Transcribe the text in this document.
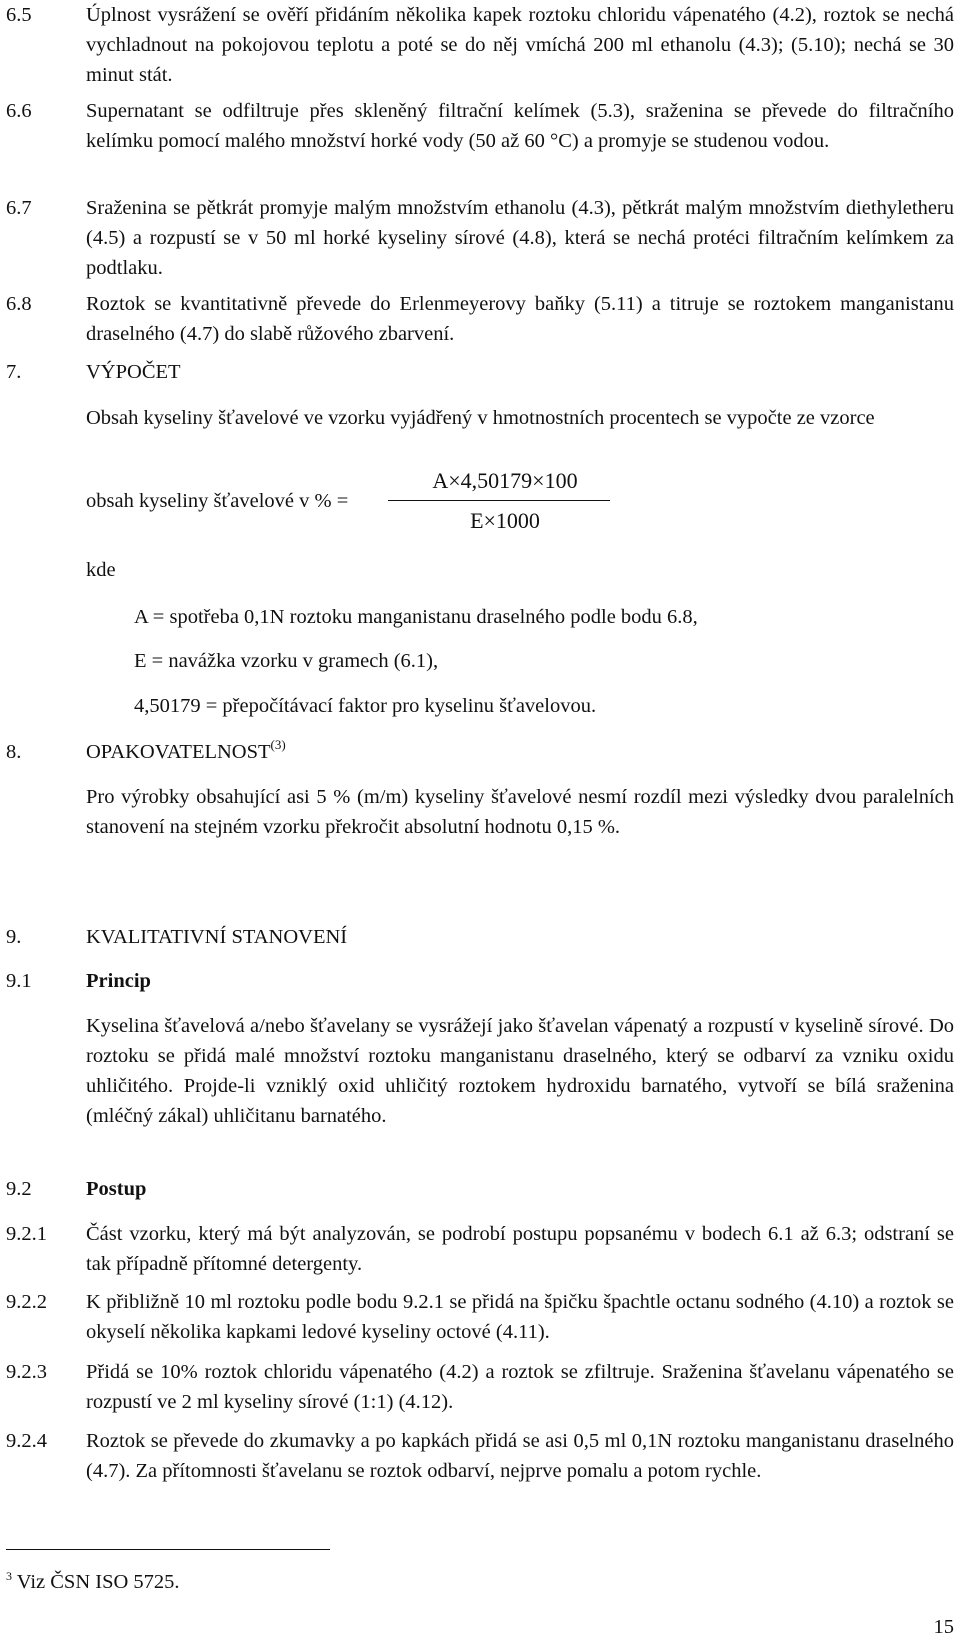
6.5	Úplnost vysrážení se ověří přidáním několika kapek roztoku chloridu vápenatého (4.2), roztok se nechá vychladnout na pokojovou teplotu a poté se do něj vmíchá 200 ml ethanolu (4.3); (5.10); nechá se 30 minut stát.
6.6	Supernatant se odfiltruje přes skleněný filtrační kelímek (5.3), sraženina se převede do filtračního kelímku pomocí malého množství horké vody (50 až 60 °C) a promyje se studenou vodou.
6.7	Sraženina se pětkrát promyje malým množstvím ethanolu (4.3), pětkrát malým množstvím diethyletheru (4.5) a rozpustí se v 50 ml horké kyseliny sírové (4.8), která se nechá protéci filtračním kelímkem za podtlaku.
6.8	Roztok se kvantitativně převede do Erlenmeyerovy baňky (5.11) a titruje se roztokem manganistanu draselného (4.7) do slabě růžového zbarvení.
7.	VÝPOČET
Obsah kyseliny šťavelové ve vzorku vyjádřený v hmotnostních procentech se vypočte ze vzorce
obsah kyseliny šťavelové v % =
A×4,50179×100
E×1000
kde
A = spotřeba 0,1N roztoku manganistanu draselného podle bodu 6.8,
E = navážka vzorku v gramech (6.1),
4,50179 = přepočítávací faktor pro kyselinu šťavelovou.
8.	OPAKOVATELNOST$^{(3)}$
Pro výrobky obsahující asi 5 % (m/m) kyseliny šťavelové nesmí rozdíl mezi výsledky dvou paralelních stanovení na stejném vzorku překročit absolutní hodnotu 0,15 %.
9.	KVALITATIVNÍ STANOVENÍ
9.1	Princip
Kyselina šťavelová a/nebo šťavelany se vysrážejí jako šťavelan vápenatý a rozpustí v kyselině sírové. Do roztoku se přidá malé množství roztoku manganistanu draselného, který se odbarví za vzniku oxidu uhličitého. Projde-li vzniklý oxid uhličitý roztokem hydroxidu barnatého, vytvoří se bílá sraženina (mléčný zákal) uhličitanu barnatého.
9.2	Postup
9.2.1 Část vzorku, který má být analyzován, se podrobí postupu popsanému v bodech 6.1 až 6.3; odstraní se tak případně přítomné detergenty.
9.2.2 K přibližně 10 ml roztoku podle bodu 9.2.1 se přidá na špičku špachtle octanu sodného (4.10) a roztok se okyselí několika kapkami ledové kyseliny octové (4.11).
9.2.3 Přidá se 10% roztok chloridu vápenatého (4.2) a roztok se zfiltruje. Sraženina šťavelanu vápenatého se rozpustí ve 2 ml kyseliny sírové (1:1) (4.12).
9.2.4 Roztok se převede do zkumavky a po kapkách přidá se asi 0,5 ml 0,1N roztoku manganistanu draselného (4.7). Za přítomnosti šťavelanu se roztok odbarví, nejprve pomalu a potom rychle.
$^3$ Viz ČSN ISO 5725.
15
